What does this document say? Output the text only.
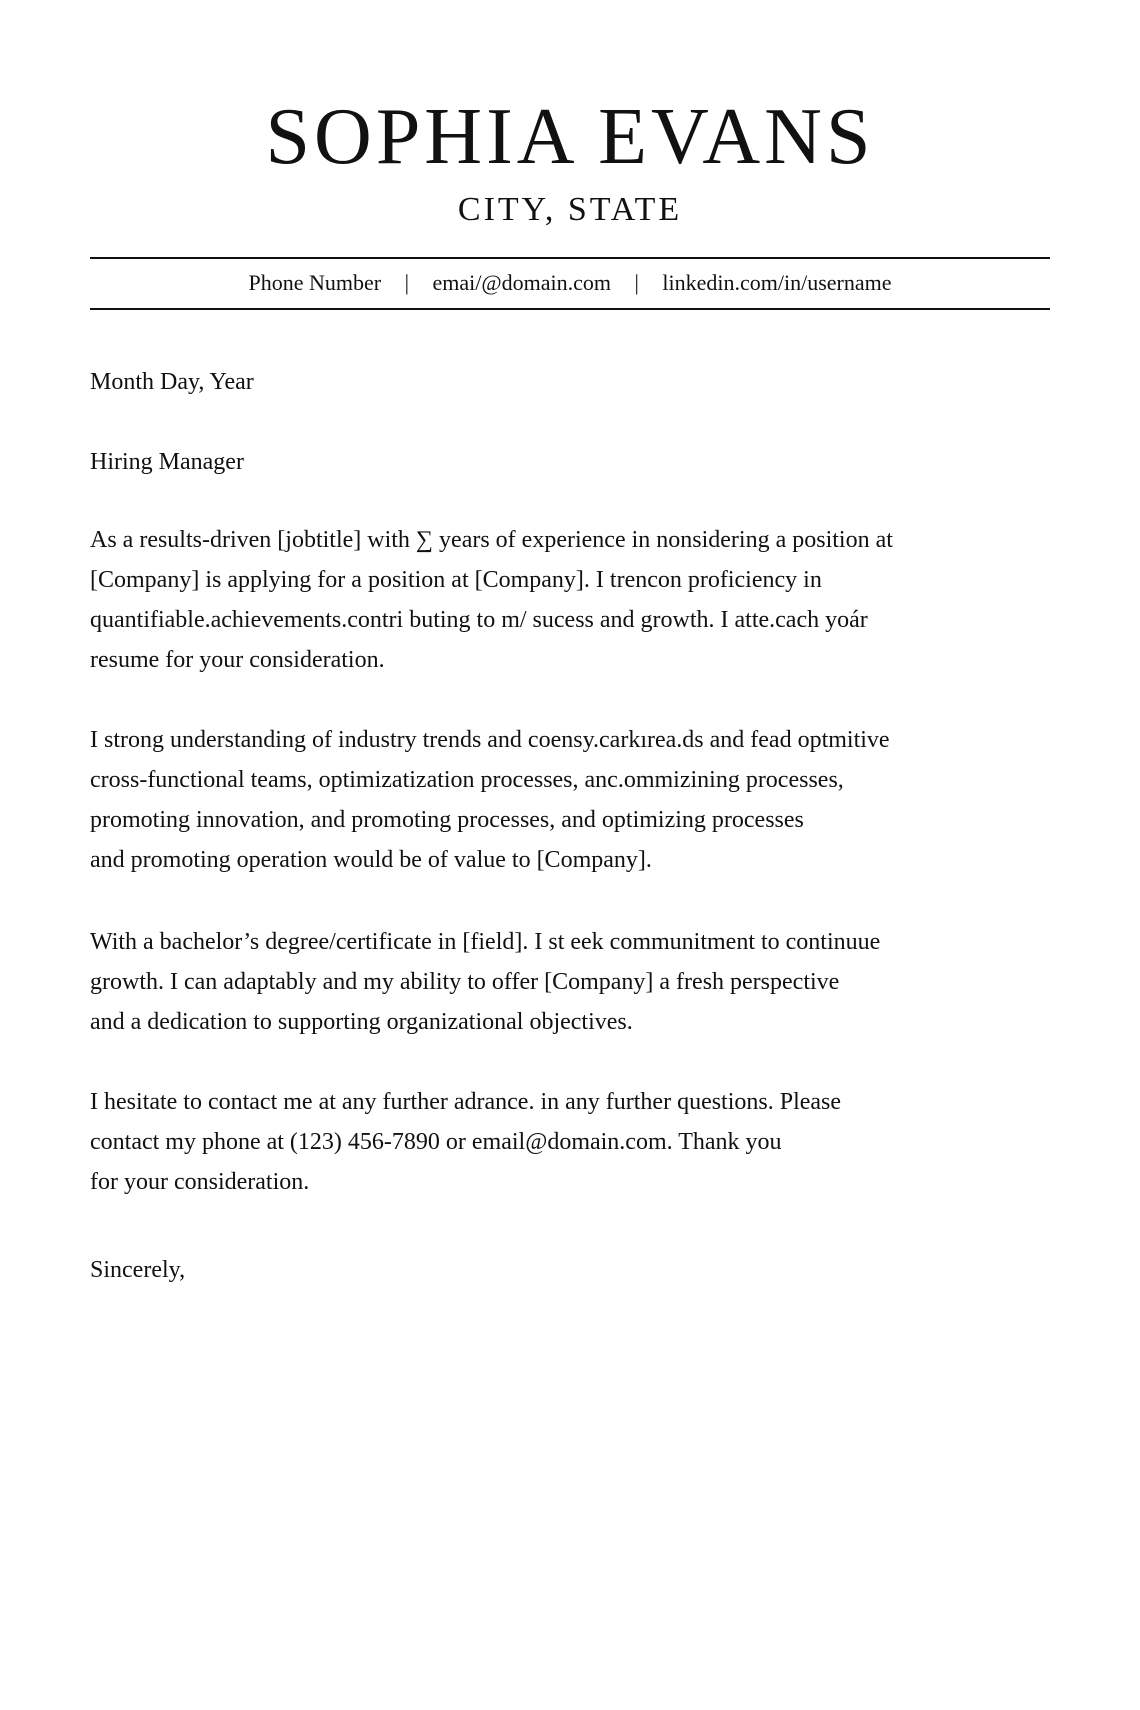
SOPHIA EVANS
CITY, STATE
Phone Number | emai/@domain.com | linkedin.com/in/username
Month Day, Year
Hiring Manager
As a results-driven [jobtitle] with ∑ years of experience in nonsidering a position at
[Company] is applying for a position at [Company]. I trencon proficiency in
quantifiable.achievements.contri buting to m/ sucess and growth. I atte.cach yoár
resume for your consideration.
I strong understanding of industry trends and coensy.carkırea.ds and fead optmitive
cross-functional teams, optimizatization processes, anc.ommizining processes,
promoting innovation, and promoting processes, and optimizing processes
and promoting operation would be of value to [Company].
With a bachelor’s degree/certificate in [field]. I st eek communitment to continuue
growth. I can adaptably and my ability to offer [Company] a fresh perspective
and a dedication to supporting organizational objectives.
I hesitate to contact me at any further adrance. in any further questions. Please
contact my phone at (123) 456-7890 or email@domain.com. Thank you
for your consideration.
Sincerely,
